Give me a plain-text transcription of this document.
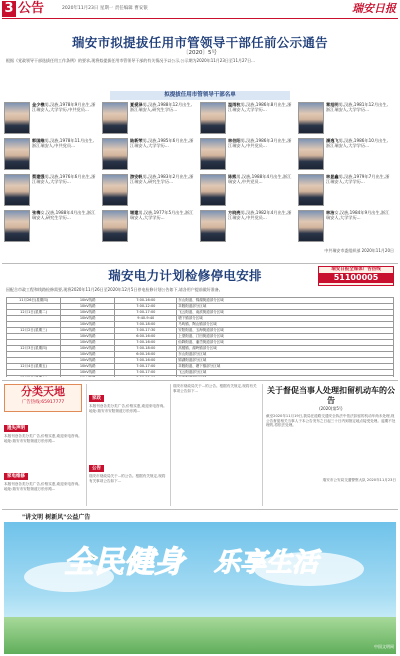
3 公告	2020年11月23日 星期一 责任编辑 曹安银	瑞安日报
瑞安市拟提拔任用市管领导干部任前公示通告
〔2020〕5号
根据《党政领导干部选拔任用工作条例》的要求,现将拟提拔任用市管领导干部的有关情况予以公示,公示期为2020年11月23日至11月27日...
拟提拔任用市管领导干部名单
金少樵男,汉族,1978年9月出生,浙江瑞安人,大学学历,中共党员...
夏爱泽男,汉族,1988年12月出生,浙江瑞安人,研究生学历...
温雨杭男,汉族,1986年8月出生,浙江瑞安人,大学学历...
章旭明男,汉族,1981年12月出生,浙江瑞安人,大学学历...
郭国维男,汉族,1978年11月出生,浙江瑞安人,中共党员...
陆新荣男,汉族,1985年6月出生,浙江瑞安人,大学学历...
林伯阳男,汉族,1986年3月出生,浙江瑞安人,中共党员...
潘逸飞男,汉族,1986年10月出生,浙江瑞安人,大学学历...
蔡建强男,汉族,1976年6月出生,浙江瑞安人,大学学历...
游安帆男,汉族,1983年2月出生,浙江瑞安人,研究生学历...
陈熙男,汉族,1988年4月出生,浙江瑞安人,中共党员...
林显鑫男,汉族,1979年7月出生,浙江瑞安人,大学学历...
张梅女,汉族,1988年4月出生,浙江瑞安人,研究生学历...
谢建男,汉族,1977年5月出生,浙江瑞安人,大学学历...
方晓亮男,汉族,1982年4月出生,浙江瑞安人,中共党员...
林洁女,汉族,1984年9月出生,浙江瑞安人,大学学历...
中共瑞安市委组织部 2020年11月20日
瑞安电力计划检修停电安排	瑞安日报全媒体广告热线
51100005
因配合市政工程和线路检修需要,现将2020年11月26日至2020年12月5日停电检修计划公告如下,请各用户提前做好准备。
11月26日(星期四)	10kV线路	7:00-16:00	东山街道、锦湖街道部分区域
	10kV线路	7:00-12:00	莘塍街道部分区域
12月1日(星期二)	10kV线路	7:00-17:00	飞云街道、南滨街道部分区域
	10kV线路	9:40-9:40	塘下镇部分区域
	10kV线路	7:00-18:00	马屿镇、陶山镇部分区域
12月2日(星期三)	10kV线路	7:00-17:30	安阳街道、玉海街道部分区域
	10kV线路	6:00-16:00	上望街道、汀田街道部分区域
	10kV线路	7:00-16:00	仙降街道、潘岱街道部分区域
12月3日(星期四)	10kV线路	7:00-18:00	高楼镇、湖岭镇部分区域
	10kV线路	6:00-16:00	东山街道部分区域
	10kV线路	7:00-16:00	锦湖街道部分区域
12月4日(星期五)	10kV线路	7:00-17:00	莘塍街道、塘下镇部分区域
	10kV线路	7:00-17:00	飞云街道部分区域

分类天地
广告热线:65917777
遗失声明
本版刊登各类分类广告,价格实惠,欢迎来电咨询。地址:瑞安市安阳街道万松东路...
家电维修
本版刊登各类分类广告,价格实惠,欢迎来电咨询。地址:瑞安市安阳街道万松东路...
家政
本版刊登各类分类广告,价格实惠,欢迎来电咨询。地址:瑞安市安阳街道万松东路...
公告
瑞安市财政局关于...的公告。根据有关规定,现将有关事项公告如下...
瑞安市财政局关于...的公告。根据有关规定,现将有关事项公告如下...	关于督促当事人处理扣留机动车的公告
(2020)第5号
截至2020年11月19日,我局在道路交通安全执法中依法扣留的机动车尚未处理,现公告督促相关当事人于本公告发布之日起三十日内到指定地点接受处理。逾期不处理的,将依法处理。
瑞安市公安局交通警察大队 2020年11月23日
"讲文明 树新风"公益广告
全民健身	乐享生活
中国文明网
